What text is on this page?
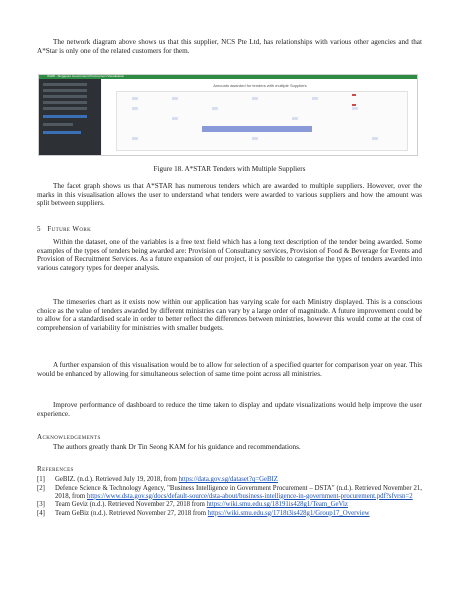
The network diagram above shows us that this supplier, NCS Pte Ltd, has relationships with various other agencies and that A*Star is only one of the related customers for them.

IS428 - Singapore Government Procurement Visualisation
Amounts awarded for tenders with multiple Suppliers

Figure 18. A*STAR Tenders with Multiple Suppliers

The facet graph shows us that A*STAR has numerous tenders which are awarded to multiple suppliers. However, over the marks in this visualisation allows the user to understand what tenders were awarded to various suppliers and how the amount was split between suppliers.

5 Future Work

Within the dataset, one of the variables is a free text field which has a long text description of the tender being awarded. Some examples of the types of tenders being awarded are: Provision of Consultancy services, Provision of Food & Beverage for Events and Provision of Recruitment Services. As a future expansion of our project, it is possible to categorise the types of tenders awarded into various category types for deeper analysis.

The timeseries chart as it exists now within our application has varying scale for each Ministry displayed. This is a conscious choice as the value of tenders awarded by different ministries can vary by a large order of magnitude. A future improvement could be to allow for a standardised scale in order to better reflect the differences between ministries, however this would come at the cost of comprehension of variability for ministries with smaller budgets.

A further expansion of this visualisation would be to allow for selection of a specified quarter for comparison year on year. This would be enhanced by allowing for simultaneous selection of same time point across all ministries.

Improve performance of dashboard to reduce the time taken to display and update visualizations would help improve the user experience.

Acknowledgements

The authors greatly thank Dr Tin Seong KAM for his guidance and recommendations.

References
[1] GeBIZ. (n.d.). Retrieved July 19, 2018, from https://data.gov.sg/dataset?q=GeBIZ
[2] Defence Science & Technology Agency, "Business Intelligence in Government Procurement – DSTA" (n.d.). Retrieved November 21, 2018, from https://www.dsta.gov.sg/docs/default-source/dsta-about/business-intelligence-in-government-procurement.pdf?sfvrsn=2
[3] Team Geviz (n.d.). Retrieved November 27, 2018 from https://wiki.smu.edu.sg/18191is428g1/Team_GeViz
[4] Team GeBiz (n.d.). Retrieved November 27, 2018 from https://wiki.smu.edu.sg/1718t3is428g1/Group17_Overview
